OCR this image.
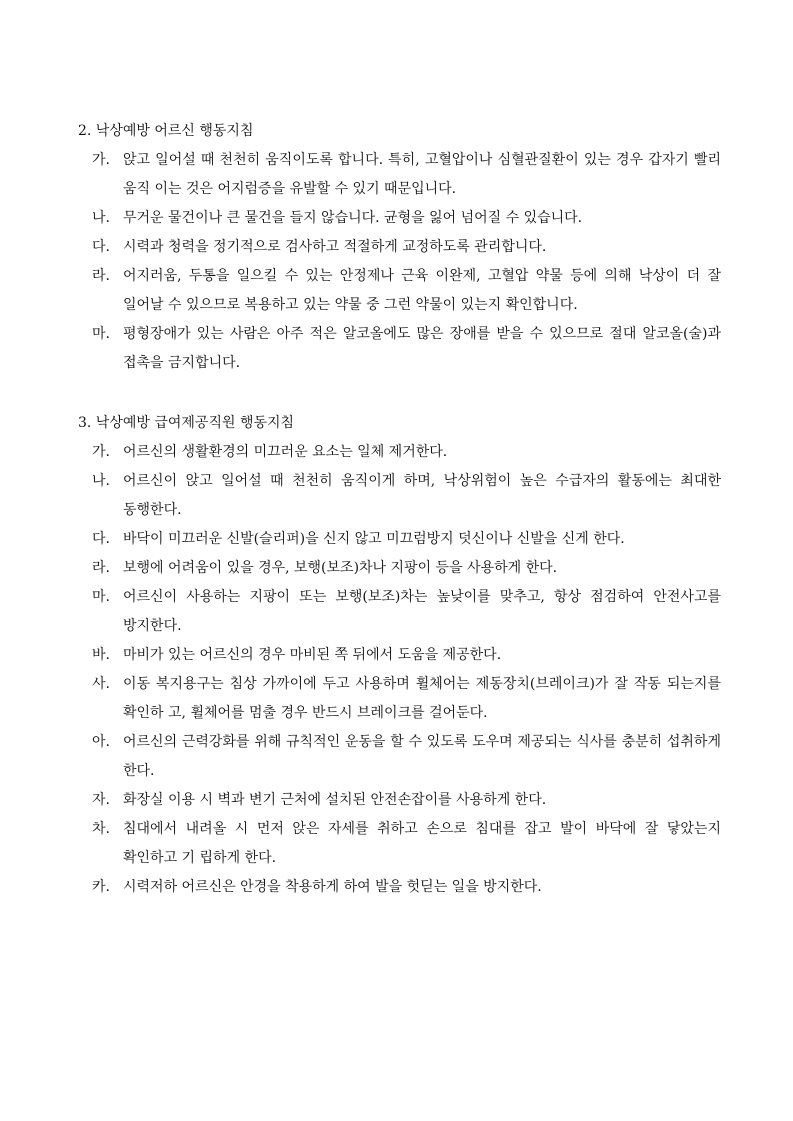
2. 낙상예방 어르신 행동지침
가. 앉고 일어설 때 천천히 움직이도록 합니다. 특히, 고혈압이나 심혈관질환이 있는 경우 갑자기 빨리 움직 이는 것은 어지럼증을 유발할 수 있기 때문입니다.
나. 무거운 물건이나 큰 물건을 들지 않습니다. 균형을 잃어 넘어질 수 있습니다.
다. 시력과 청력을 정기적으로 검사하고 적절하게 교정하도록 관리합니다.
라. 어지러움, 두통을 일으킬 수 있는 안정제나 근육 이완제, 고혈압 약물 등에 의해 낙상이 더 잘 일어날 수 있으므로 복용하고 있는 약물 중 그런 약물이 있는지 확인합니다.
마. 평형장애가 있는 사람은 아주 적은 알코올에도 많은 장애를 받을 수 있으므로 절대 알코올(술)과 접촉을 금지합니다.
3. 낙상예방 급여제공직원 행동지침
가. 어르신의 생활환경의 미끄러운 요소는 일체 제거한다.
나. 어르신이 앉고 일어설 때 천천히 움직이게 하며, 낙상위험이 높은 수급자의 활동에는 최대한 동행한다.
다. 바닥이 미끄러운 신발(슬리퍼)을 신지 않고 미끄럼방지 덧신이나 신발을 신게 한다.
라. 보행에 어려움이 있을 경우, 보행(보조)차나 지팡이 등을 사용하게 한다.
마. 어르신이 사용하는 지팡이 또는 보행(보조)차는 높낮이를 맞추고, 항상 점검하여 안전사고를 방지한다.
바. 마비가 있는 어르신의 경우 마비된 쪽 뒤에서 도움을 제공한다.
사. 이동 복지용구는 침상 가까이에 두고 사용하며 휠체어는 제동장치(브레이크)가 잘 작동 되는지를 확인하 고, 휠체어를 멈출 경우 반드시 브레이크를 걸어둔다.
아. 어르신의 근력강화를 위해 규칙적인 운동을 할 수 있도록 도우며 제공되는 식사를 충분히 섭취하게 한다.
자. 화장실 이용 시 벽과 변기 근처에 설치된 안전손잡이를 사용하게 한다.
차. 침대에서 내려올 시 먼저 앉은 자세를 취하고 손으로 침대를 잡고 발이 바닥에 잘 닿았는지 확인하고 기 립하게 한다.
카. 시력저하 어르신은 안경을 착용하게 하여 발을 헛딛는 일을 방지한다.
